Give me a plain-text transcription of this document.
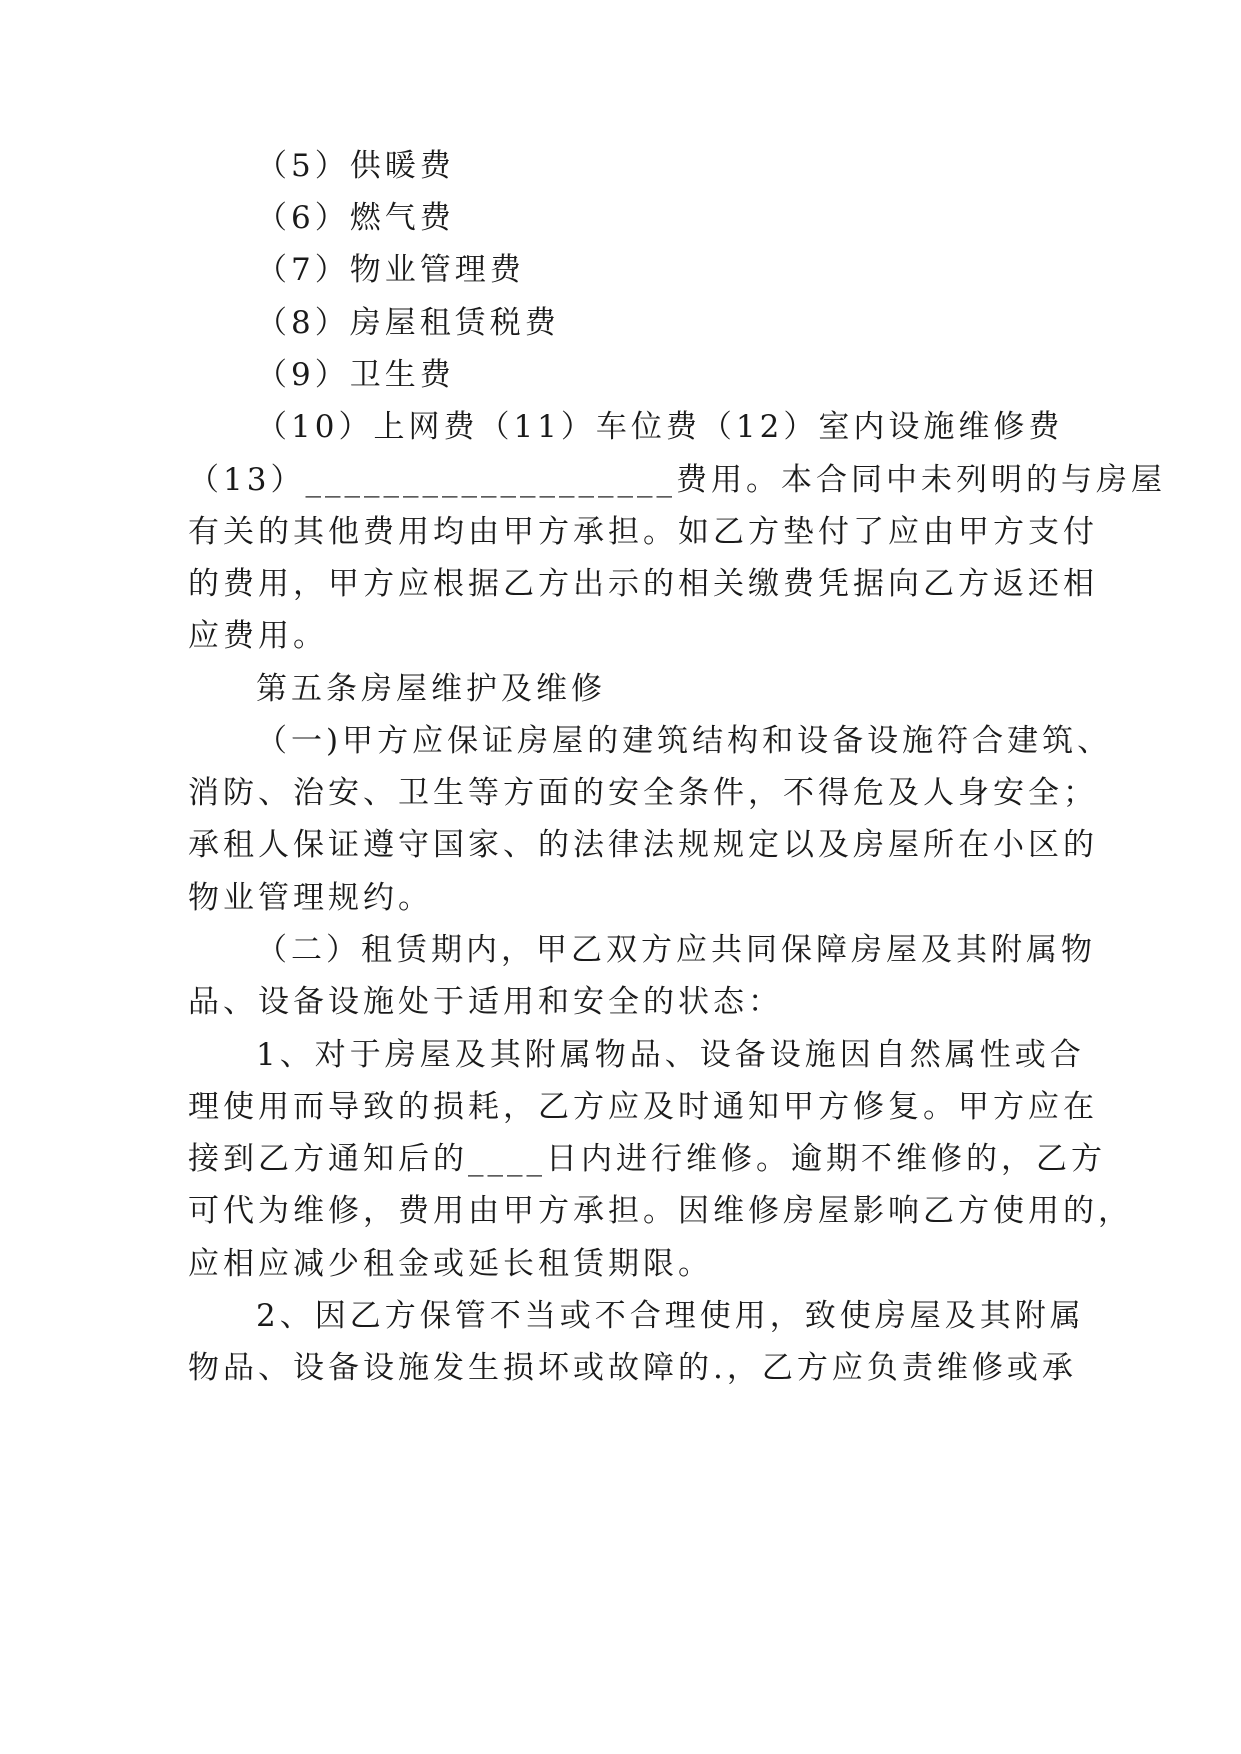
（5）供暖费
（6）燃气费
（7）物业管理费
（8）房屋租赁税费
（9）卫生费
（10）上网费（11）车位费（12）室内设施维修费
（13）___________________费用。本合同中未列明的与房屋
有关的其他费用均由甲方承担。如乙方垫付了应由甲方支付
的费用，甲方应根据乙方出示的相关缴费凭据向乙方返还相
应费用。
第五条房屋维护及维修
（一)甲方应保证房屋的建筑结构和设备设施符合建筑、
消防、治安、卫生等方面的安全条件，不得危及人身安全；
承租人保证遵守国家、的法律法规规定以及房屋所在小区的
物业管理规约。
（二）租赁期内，甲乙双方应共同保障房屋及其附属物
品、设备设施处于适用和安全的状态：
1、对于房屋及其附属物品、设备设施因自然属性或合
理使用而导致的损耗，乙方应及时通知甲方修复。甲方应在
接到乙方通知后的____日内进行维修。逾期不维修的，乙方
可代为维修，费用由甲方承担。因维修房屋影响乙方使用的，
应相应减少租金或延长租赁期限。
2、因乙方保管不当或不合理使用，致使房屋及其附属
物品、设备设施发生损坏或故障的.，乙方应负责维修或承
